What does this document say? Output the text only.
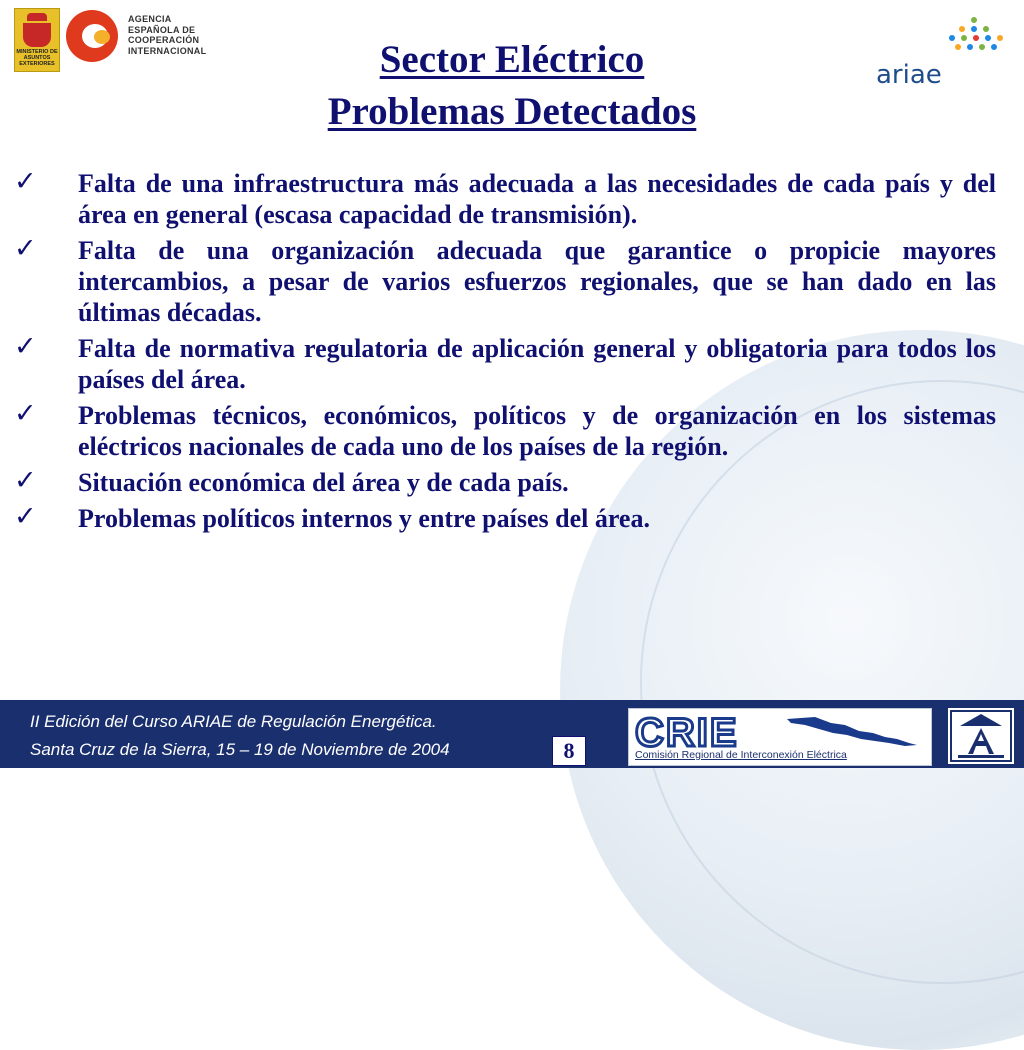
MINISTERIO DE ASUNTOS EXTERIORES
AGENCIA
ESPAÑOLA DE
COOPERACIÓN
INTERNACIONAL	Sector Eléctrico
Problemas Detectados
ariae
✓ Falta de una infraestructura más adecuada a las necesidades de cada país y del área en general (escasa capacidad de transmisión).
✓ Falta de una organización adecuada que garantice o propicie mayores intercambios, a pesar de varios esfuerzos regionales, que se han dado en las últimas décadas.
✓ Falta de normativa regulatoria de aplicación general y obligatoria para todos los países del área.
✓ Problemas técnicos, económicos, políticos y de organización en los sistemas eléctricos nacionales de cada uno de los países de la región.
✓ Situación económica del área y de cada país.
✓ Problemas políticos internos y entre países del área.
II Edición del Curso ARIAE de Regulación Energética.
Santa Cruz de la Sierra, 15 – 19 de Noviembre de 2004	8 CRIE
Comisión Regional de Interconexión Eléctrica
